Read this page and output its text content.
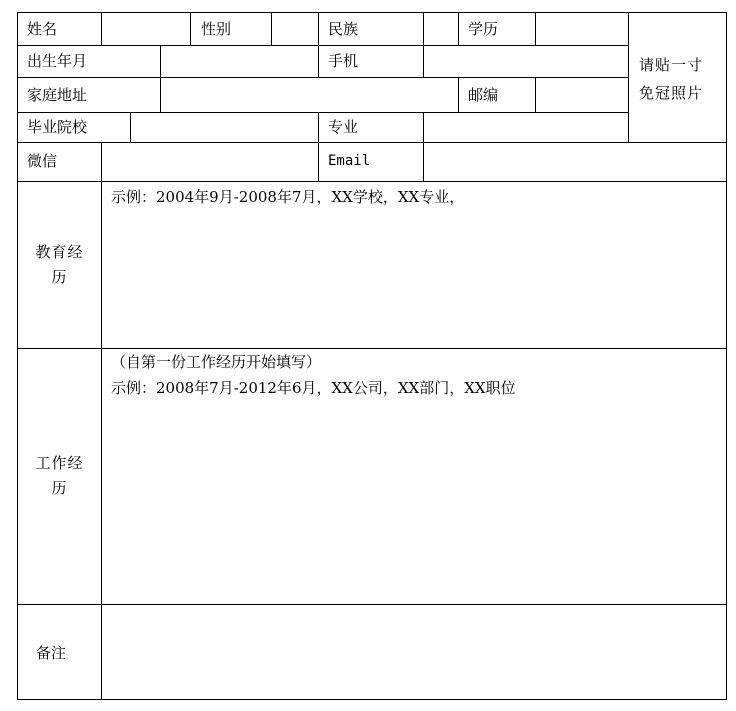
姓名	性别	民族	学历
出生年月	手机
家庭地址	邮编
毕业院校	专业
微信	Email
请贴一寸
免冠照片
教育经
历
示例：2004年9月-2008年7月，XX学校，XX专业，
工作经
历
（自第一份工作经历开始填写）
示例：2008年7月-2012年6月，XX公司，XX部门，XX职位
备注
